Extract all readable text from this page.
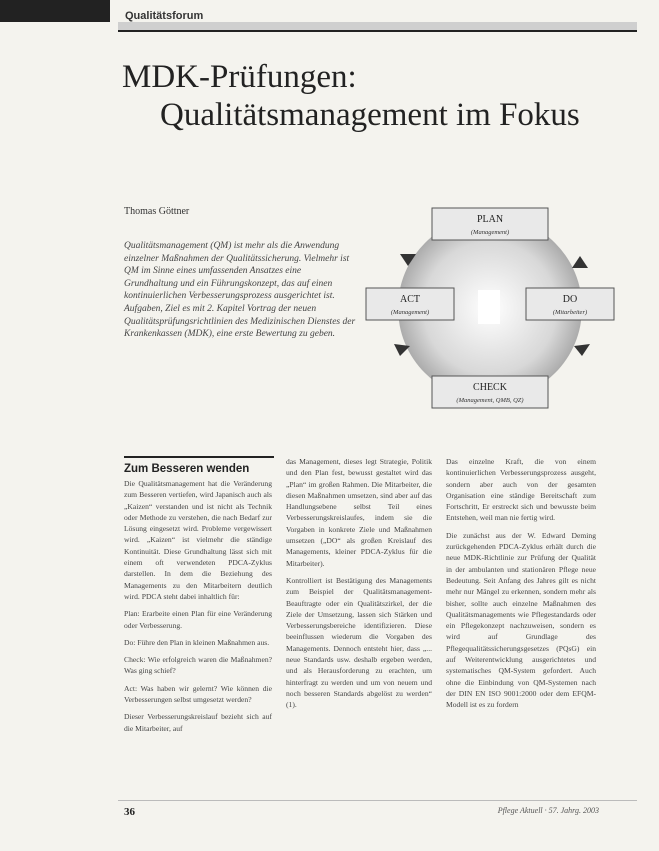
Qualitätsforum
MDK-Prüfungen:
Qualitätsmanagement im Fokus
Thomas Göttner
Qualitätsmanagement (QM) ist mehr als die Anwendung einzelner Maßnahmen der Qualitätssicherung. Vielmehr ist QM im Sinne eines umfassenden Ansatzes eine Grundhaltung und ein Führungskonzept, das auf einen kontinuierlichen Verbesserungsprozess ausgerichtet ist. Aufgaben, Ziel es mit 2. Kapitel Vortrag der neuen Qualitätsprüfungsrichtlinien des Medizinischen Dienstes der Krankenkassen (MDK), eine erste Bewertung zu geben.
PLAN
(Management)
ACT
(Management)
DO
(Mitarbeiter)
CHECK
(Management, QMB, QZ)
Zum Besseren wenden

Die Qualitätsmanagement hat die Veränderung zum Besseren vertiefen, wird Japanisch auch als „Kaizen“ verstanden und ist nicht als Technik oder Methode zu verstehen, die nach Bedarf zur Lösung eingesetzt wird. Probleme vergewissert wird. „Kaizen“ ist vielmehr die ständige Kontinuität. Diese Grundhaltung lässt sich mit einem oft verwendeten PDCA-Zyklus darstellen. In dem die Beziehung des Managements zu den Mitarbeitern deutlich wird. PDCA steht dabei inhaltlich für:

Plan: Erarbeite einen Plan für eine Veränderung oder Verbesserung.

Do: Führe den Plan in kleinen Maßnahmen aus.

Check: Wie erfolgreich waren die Maßnahmen? Was ging schief?

Act: Was haben wir gelernt? Wie können die Verbesserungen selbst umgesetzt werden?

Dieser Verbesserungskreislauf bezieht sich auf die Mitarbeiter, auf

das Management, dieses legt Strategie, Politik und den Plan fest, bewusst gestaltet wird das „Plan“ im großen Rahmen. Die Mitarbeiter, die diesen Maßnahmen umsetzen, sind aber auf das Handlungsebene selbst Teil eines Verbesserungskreislaufes, indem sie die Vorgaben in konkrete Ziele und Maßnahmen umsetzen („DO“ als großen Kreislauf des Managements, kleiner PDCA-Zyklus für die Mitarbeiter).

Kontrolliert ist Bestätigung des Managements zum Beispiel der Qualitätsmanagement-Beauftragte oder ein Qualitätszirkel, der die Ziele der Umsetzung, lassen sich Stärken und Verbesserungsbereiche identifizieren. Diese beeinflussen wiederum die Vorgaben des Managements. Dennoch entsteht hier, dass „... neue Standards usw. deshalb ergeben werden, und als Herausforderung zu erachten, um hinterfragt zu werden und um von neuem und noch besseren Standards abgelöst zu werden“ (1).

Das einzelne Kraft, die von einem kontinuierlichen Verbesserungsprozess ausgeht, sondern aber auch von der gesamten Organisation eine ständige Bereitschaft zum Fortschritt, Er erstreckt sich und bewusste beim Entstehen, weil man nie fertig wird.

Die zunächst aus der W. Edward Deming zurückgehenden PDCA-Zyklus erhält durch die neue MDK-Richtlinie zur Prüfung der Qualität in der ambulanten und stationären Pflege neue Bedeutung. Seit Anfang des Jahres gilt es nicht mehr nur Mängel zu erkennen, sondern mehr als bisher, sollte auch einzelne Maßnahmen des Qualitätsmanagements wie Pflegestandards oder ein Pflegekonzept nachzuweisen, sondern es wird auf Grundlage des Pflegequalitätssicherungsgesetzes (PQsG) ein auf Weiterentwicklung ausgerichtetes und systematisches QM-System gefordert. Auch ohne die Einbindung von QM-Systemen nach der DIN EN ISO 9001:2000 oder dem EFQM-Modell ist es zu fordern

36	Pflege Aktuell · 57. Jahrg. 2003
